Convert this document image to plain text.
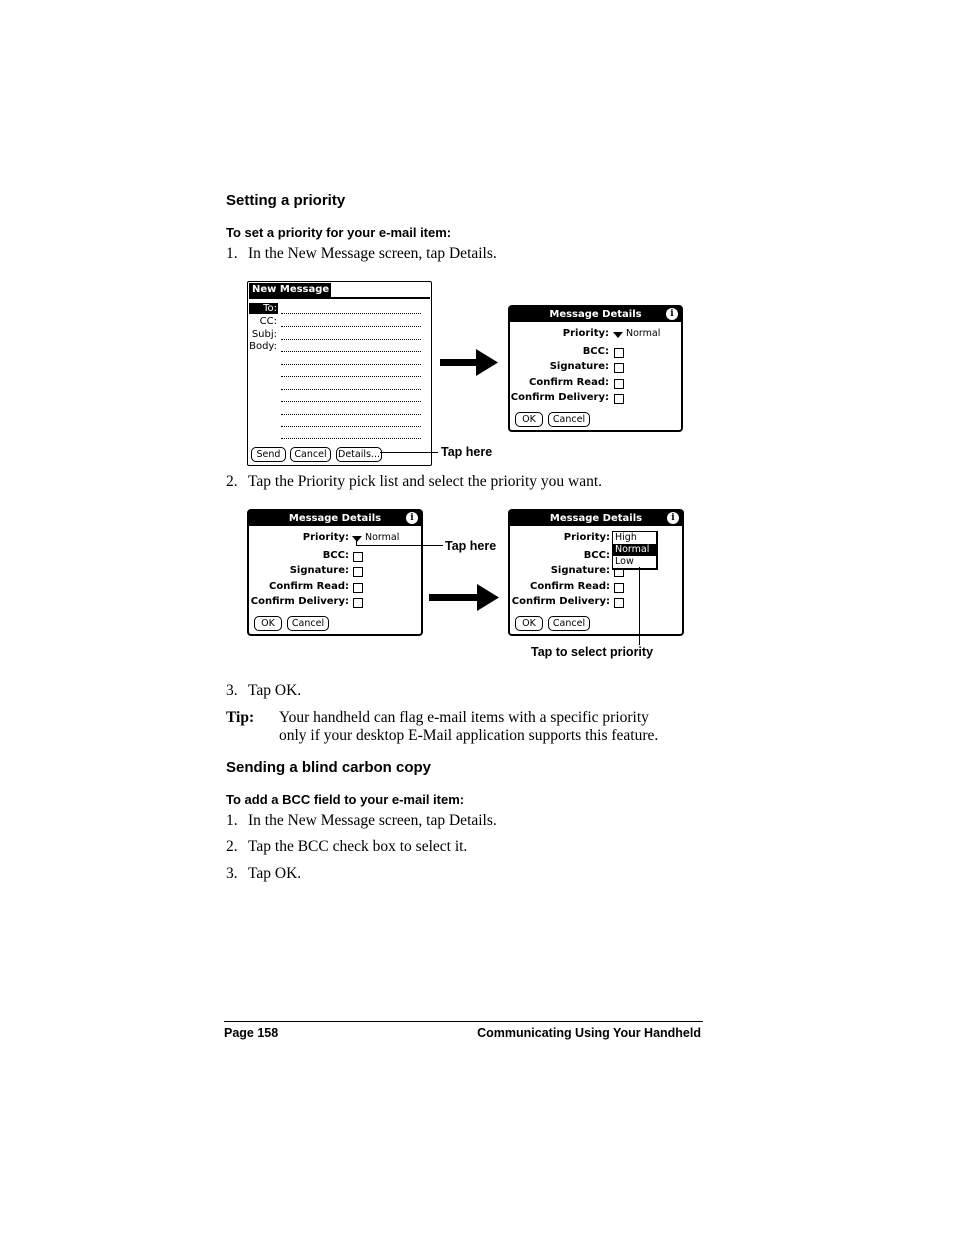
Setting a priority
To set a priority for your e-mail item:
1. In the New Message screen, tap Details.
New Message
To:
CC:
Subj:
Body:
Send	Cancel	Details...	Tap here
Message Details	i
Priority: Normal
BCC:
Signature:
Confirm Read:
Confirm Delivery:
OK	Cancel
2. Tap the Priority pick list and select the priority you want.
Message Details	i
Priority: Normal
BCC:
Signature:
Confirm Read:
Confirm Delivery:
OK	Cancel
Tap here
Message Details	i
Priority:
BCC:
Signature:
Confirm Read:
Confirm Delivery:
OK	Cancel
High
Normal
Low
Tap to select priority
3. Tap OK.
Tip: Your handheld can flag e-mail items with a specific priority
only if your desktop E-Mail application supports this feature.
Sending a blind carbon copy
To add a BCC field to your e-mail item:
1. In the New Message screen, tap Details.
2. Tap the BCC check box to select it.
3. Tap OK.
Page 158	Communicating Using Your Handheld
